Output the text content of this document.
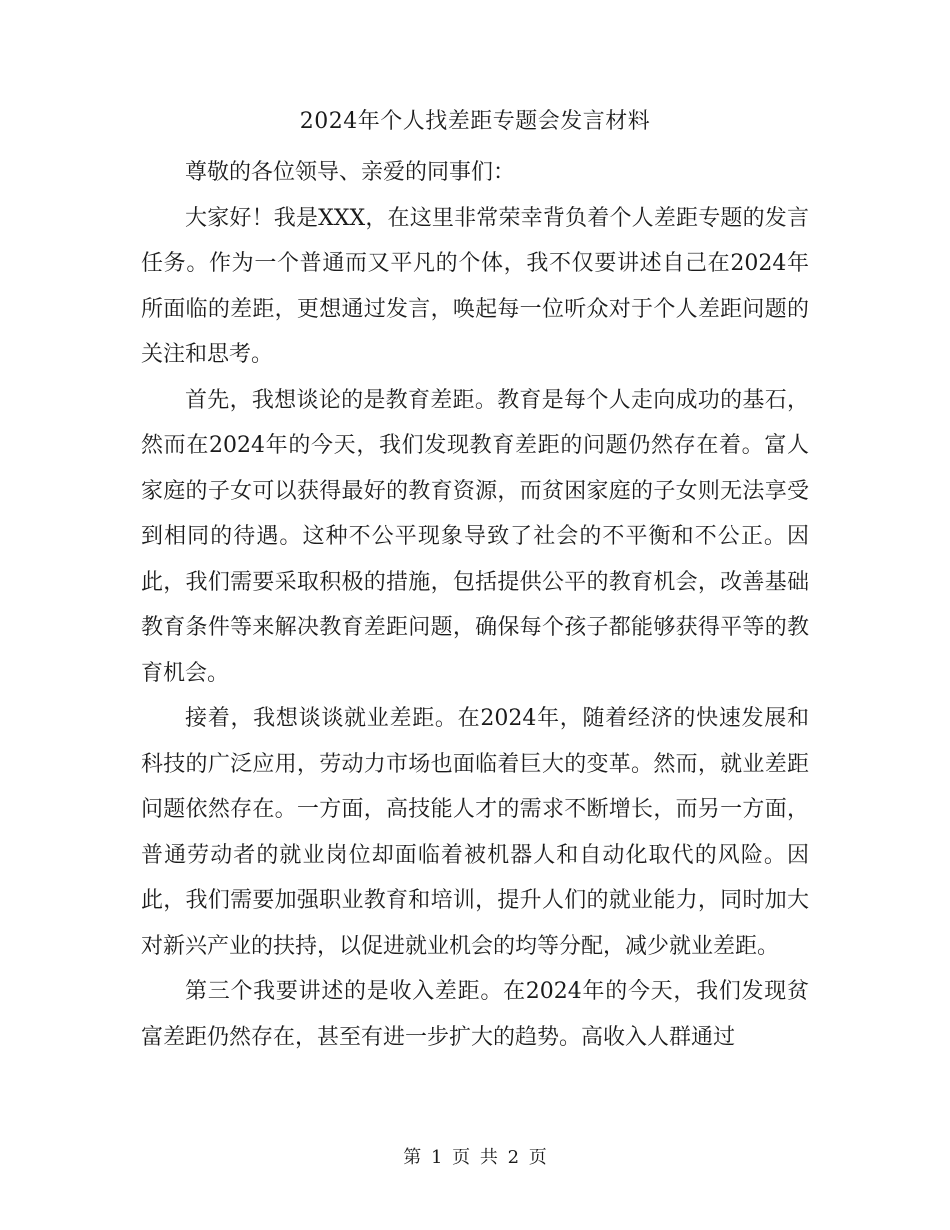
2024年个人找差距专题会发言材料

尊敬的各位领导、亲爱的同事们：

大家好！我是XXX，在这里非常荣幸背负着个人差距专题的发言任务。作为一个普通而又平凡的个体，我不仅要讲述自己在2024年所面临的差距，更想通过发言，唤起每一位听众对于个人差距问题的关注和思考。

首先，我想谈论的是教育差距。教育是每个人走向成功的基石，然而在2024年的今天，我们发现教育差距的问题仍然存在着。富人家庭的子女可以获得最好的教育资源，而贫困家庭的子女则无法享受到相同的待遇。这种不公平现象导致了社会的不平衡和不公正。因此，我们需要采取积极的措施，包括提供公平的教育机会，改善基础教育条件等来解决教育差距问题，确保每个孩子都能够获得平等的教育机会。

接着，我想谈谈就业差距。在2024年，随着经济的快速发展和科技的广泛应用，劳动力市场也面临着巨大的变革。然而，就业差距问题依然存在。一方面，高技能人才的需求不断增长，而另一方面，普通劳动者的就业岗位却面临着被机器人和自动化取代的风险。因此，我们需要加强职业教育和培训，提升人们的就业能力，同时加大对新兴产业的扶持，以促进就业机会的均等分配，减少就业差距。

第三个我要讲述的是收入差距。在2024年的今天，我们发现贫富差距仍然存在，甚至有进一步扩大的趋势。高收入人群通过

第 1 页 共 2 页
